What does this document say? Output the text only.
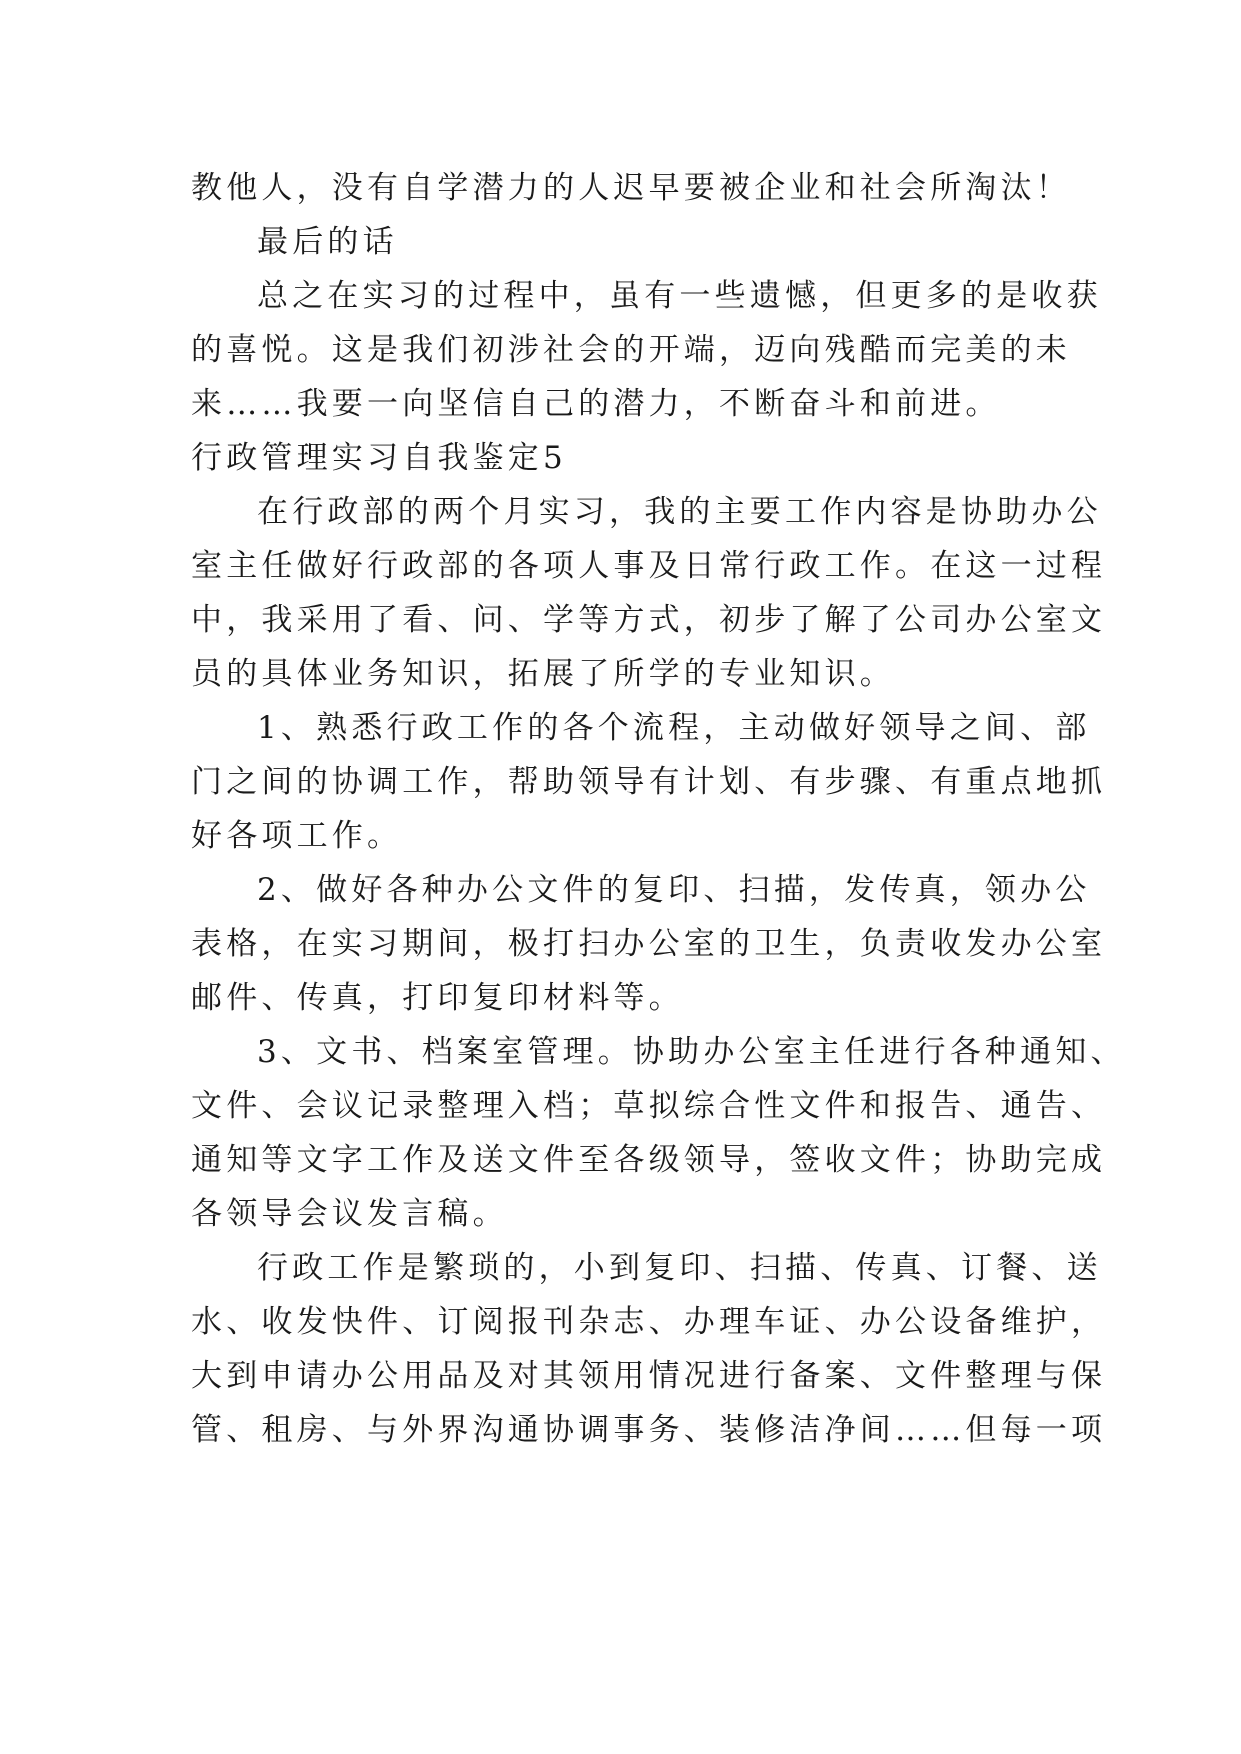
教他人，没有自学潜力的人迟早要被企业和社会所淘汰！
最后的话
总之在实习的过程中，虽有一些遗憾，但更多的是收获
的喜悦。这是我们初涉社会的开端，迈向残酷而完美的未
来……我要一向坚信自己的潜力，不断奋斗和前进。
行政管理实习自我鉴定5
在行政部的两个月实习，我的主要工作内容是协助办公
室主任做好行政部的各项人事及日常行政工作。在这一过程
中，我采用了看、问、学等方式，初步了解了公司办公室文
员的具体业务知识，拓展了所学的专业知识。
1、熟悉行政工作的各个流程，主动做好领导之间、部
门之间的协调工作，帮助领导有计划、有步骤、有重点地抓
好各项工作。
2、做好各种办公文件的复印、扫描，发传真，领办公
表格，在实习期间，极打扫办公室的卫生，负责收发办公室
邮件、传真，打印复印材料等。
3、文书、档案室管理。协助办公室主任进行各种通知、
文件、会议记录整理入档；草拟综合性文件和报告、通告、
通知等文字工作及送文件至各级领导，签收文件；协助完成
各领导会议发言稿。
行政工作是繁琐的，小到复印、扫描、传真、订餐、送
水、收发快件、订阅报刊杂志、办理车证、办公设备维护，
大到申请办公用品及对其领用情况进行备案、文件整理与保
管、租房、与外界沟通协调事务、装修洁净间……但每一项
